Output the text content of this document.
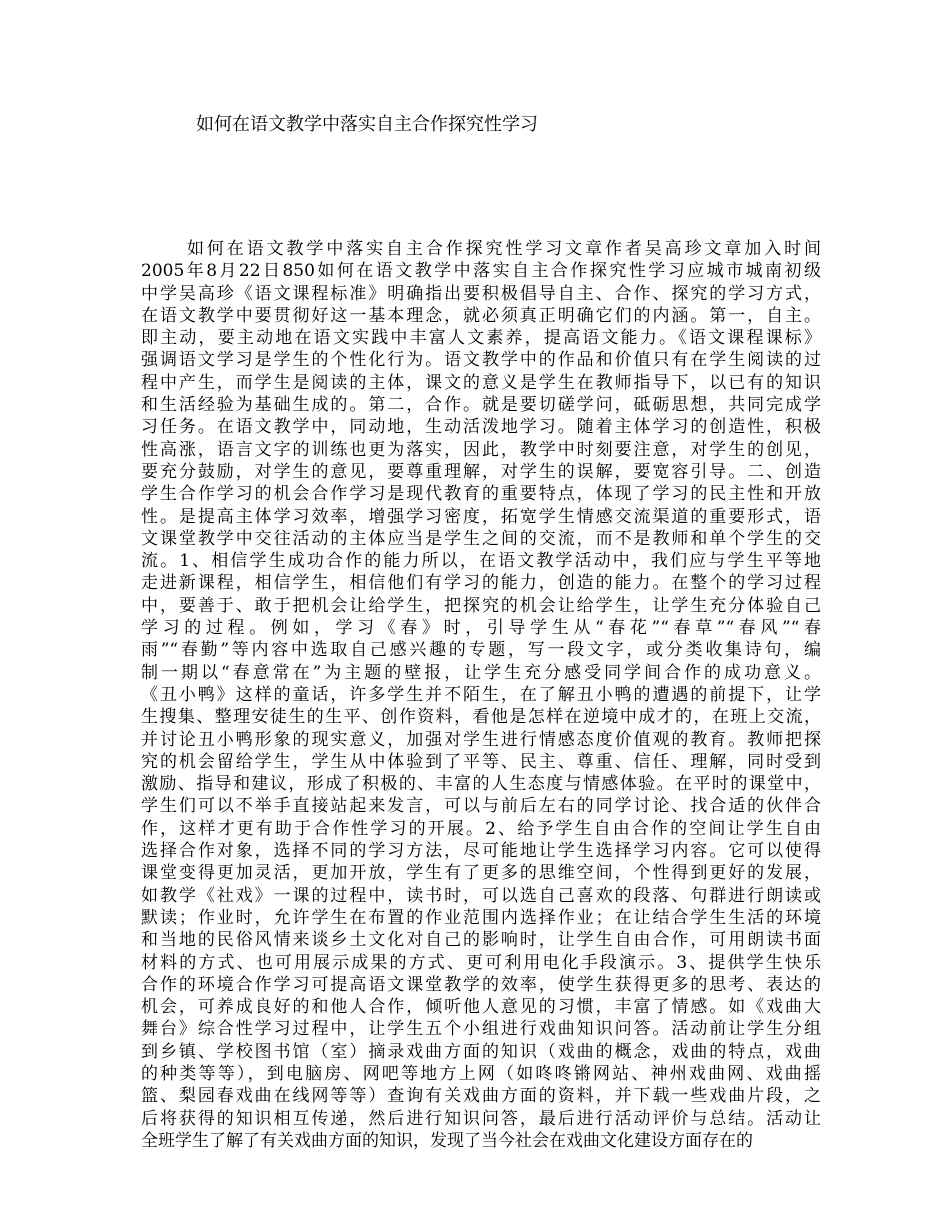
如何在语文教学中落实自主合作探究性学习
如何在语文教学中落实自主合作探究性学习文章作者吴高珍文章加入时间
2005年8月22日850如何在语文教学中落实自主合作探究性学习应城市城南初级
中学吴高珍《语文课程标准》明确指出要积极倡导自主、合作、探究的学习方式，
在语文教学中要贯彻好这一基本理念，就必须真正明确它们的内涵。第一，自主。
即主动，要主动地在语文实践中丰富人文素养，提高语文能力。《语文课程课标》
强调语文学习是学生的个性化行为。语文教学中的作品和价值只有在学生阅读的过
程中产生，而学生是阅读的主体，课文的意义是学生在教师指导下，以已有的知识
和生活经验为基础生成的。第二，合作。就是要切磋学问，砥砺思想，共同完成学
习任务。在语文教学中，同动地，生动活泼地学习。随着主体学习的创造性，积极
性高涨，语言文字的训练也更为落实，因此，教学中时刻要注意，对学生的创见，
要充分鼓励，对学生的意见，要尊重理解，对学生的误解，要宽容引导。二、创造
学生合作学习的机会合作学习是现代教育的重要特点，体现了学习的民主性和开放
性。是提高主体学习效率，增强学习密度，拓宽学生情感交流渠道的重要形式，语
文课堂教学中交往活动的主体应当是学生之间的交流，而不是教师和单个学生的交
流。1、相信学生成功合作的能力所以，在语文教学活动中，我们应与学生平等地
走进新课程，相信学生，相信他们有学习的能力，创造的能力。在整个的学习过程
中，要善于、敢于把机会让给学生，把探究的机会让给学生，让学生充分体验自己
学习的过程。例如，学习《春》时，引导学生从“春花”“春草”“春风”“春
雨”“春勤”等内容中选取自己感兴趣的专题，写一段文字，或分类收集诗句，编
制一期以“春意常在”为主题的壁报，让学生充分感受同学间合作的成功意义。
《丑小鸭》这样的童话，许多学生并不陌生，在了解丑小鸭的遭遇的前提下，让学
生搜集、整理安徒生的生平、创作资料，看他是怎样在逆境中成才的，在班上交流，
并讨论丑小鸭形象的现实意义，加强对学生进行情感态度价值观的教育。教师把探
究的机会留给学生，学生从中体验到了平等、民主、尊重、信任、理解，同时受到
激励、指导和建议，形成了积极的、丰富的人生态度与情感体验。在平时的课堂中，
学生们可以不举手直接站起来发言，可以与前后左右的同学讨论、找合适的伙伴合
作，这样才更有助于合作性学习的开展。2、给予学生自由合作的空间让学生自由
选择合作对象，选择不同的学习方法，尽可能地让学生选择学习内容。它可以使得
课堂变得更加灵活，更加开放，学生有了更多的思维空间，个性得到更好的发展，
如教学《社戏》一课的过程中，读书时，可以选自己喜欢的段落、句群进行朗读或
默读；作业时，允许学生在布置的作业范围内选择作业；在让结合学生生活的环境
和当地的民俗风情来谈乡土文化对自己的影响时，让学生自由合作，可用朗读书面
材料的方式、也可用展示成果的方式、更可利用电化手段演示。3、提供学生快乐
合作的环境合作学习可提高语文课堂教学的效率，使学生获得更多的思考、表达的
机会，可养成良好的和他人合作，倾听他人意见的习惯，丰富了情感。如《戏曲大
舞台》综合性学习过程中，让学生五个小组进行戏曲知识问答。活动前让学生分组
到乡镇、学校图书馆（室）摘录戏曲方面的知识（戏曲的概念，戏曲的特点，戏曲
的种类等等），到电脑房、网吧等地方上网（如咚咚锵网站、神州戏曲网、戏曲摇
篮、梨园春戏曲在线网等等）查询有关戏曲方面的资料，并下载一些戏曲片段，之
后将获得的知识相互传递，然后进行知识问答，最后进行活动评价与总结。活动让
全班学生了解了有关戏曲方面的知识，发现了当今社会在戏曲文化建设方面存在的
